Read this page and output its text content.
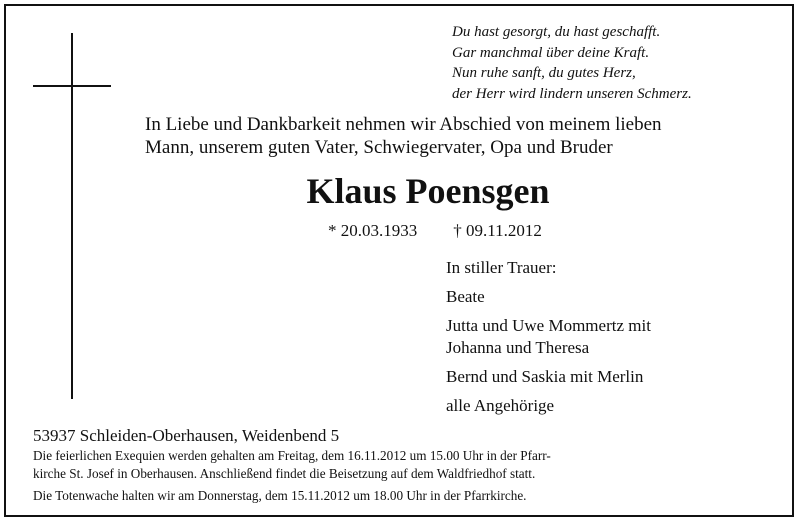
Du hast gesorgt, du hast geschafft.
Gar manchmal über deine Kraft.
Nun ruhe sanft, du gutes Herz,
der Herr wird lindern unseren Schmerz.
In Liebe und Dankbarkeit nehmen wir Abschied von meinem lieben
Mann, unserem guten Vater, Schwiegervater, Opa und Bruder
Klaus Poensgen
* 20.03.1933 † 09.11.2012
In stiller Trauer:
Beate
Jutta und Uwe Mommertz mit
Johanna und Theresa
Bernd und Saskia mit Merlin
alle Angehörige
53937 Schleiden-Oberhausen, Weidenbend 5
Die feierlichen Exequien werden gehalten am Freitag, dem 16.11.2012 um 15.00 Uhr in der Pfarr-
kirche St. Josef in Oberhausen. Anschließend findet die Beisetzung auf dem Waldfriedhof statt.
Die Totenwache halten wir am Donnerstag, dem 15.11.2012 um 18.00 Uhr in der Pfarrkirche.
